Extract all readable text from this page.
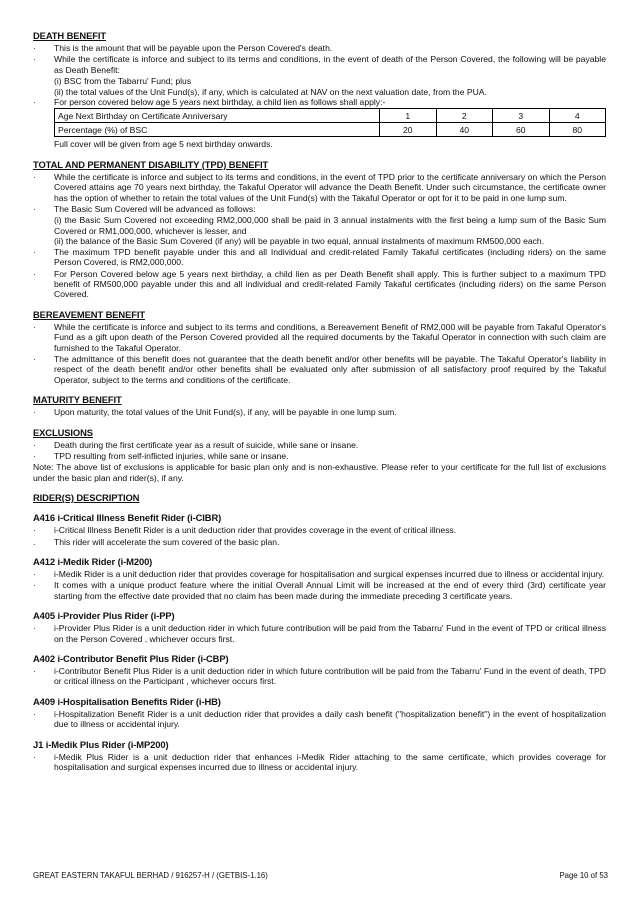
DEATH BENEFIT
· This is the amount that will be payable upon the Person Covered's death.
· While the certificate is inforce and subject to its terms and conditions, in the event of death of the Person Covered, the following will be payable as Death Benefit:
(i) BSC from the Tabarru' Fund; plus
(ii) the total values of the Unit Fund(s), if any, which is calculated at NAV on the next valuation date, from the PUA.
· For person covered below age 5 years next birthday, a child lien as follows shall apply:-
Age Next Birthday on Certificate Anniversary	1	2	3	4
Percentage (%) of BSC	20	40	60	80
Full cover will be given from age 5 next birthday onwards.
TOTAL AND PERMANENT DISABILITY (TPD) BENEFIT
· While the certificate is inforce and subject to its terms and conditions, in the event of TPD prior to the certificate anniversary on which the Person Covered attains age 70 years next birthday, the Takaful Operator will advance the Death Benefit. Under such circumstance, the certificate owner has the option of whether to retain the total values of the Unit Fund(s) with the Takaful Operator or opt for it to be paid in one lump sum.
· The Basic Sum Covered will be advanced as follows:
(i) the Basic Sum Covered not exceeding RM2,000,000 shall be paid in 3 annual instalments with the first being a lump sum of the Basic Sum Covered or RM1,000,000, whichever is lesser, and
(ii) the balance of the Basic Sum Covered (if any) will be payable in two equal, annual instalments of maximum RM500,000 each.
· The maximum TPD benefit payable under this and all Individual and credit-related Family Takaful certificates (including riders) on the same Person Covered, is RM2,000,000.
· For Person Covered below age 5 years next birthday, a child lien as per Death Benefit shall apply. This is further subject to a maximum TPD benefit of RM500,000 payable under this and all individual and credit-related Family Takaful certificates (including riders) on the same Person Covered.
BEREAVEMENT BENEFIT
· While the certificate is inforce and subject to its terms and conditions, a Bereavement Benefit of RM2,000 will be payable from Takaful Operator's Fund as a gift upon death of the Person Covered provided all the required documents by the Takaful Operator in connection with such claim are furnished to the Takaful Operator.
· The admittance of this benefit does not guarantee that the death benefit and/or other benefits will be payable. The Takaful Operator's liability in respect of the death benefit and/or other benefits shall be evaluated only after submission of all satisfactory proof required by the Takaful Operator, subject to the terms and conditions of the certificate.
MATURITY BENEFIT
· Upon maturity, the total values of the Unit Fund(s), if any, will be payable in one lump sum.
EXCLUSIONS
· Death during the first certificate year as a result of suicide, while sane or insane.
· TPD resulting from self-inflicted injuries, while sane or insane.
Note: The above list of exclusions is applicable for basic plan only and is non-exhaustive. Please refer to your certificate for the full list of exclusions under the basic plan and rider(s), if any.
RIDER(S) DESCRIPTION
A416 i-Critical Illness Benefit Rider (i-CIBR)
· i-Critical Illness Benefit Rider is a unit deduction rider that provides coverage in the event of critical illness.
. This rider will accelerate the sum covered of the basic plan.
A412 i-Medik Rider (i-M200)
· i-Medik Rider is a unit deduction rider that provides coverage for hospitalisation and surgical expenses incurred due to illness or accidental injury.
· It comes with a unique product feature where the initial Overall Annual Limit will be increased at the end of every third (3rd) certificate year starting from the effective date provided that no claim has been made during the immediate preceding 3 certificate years.
A405 i-Provider Plus Rider (i-PP)
· i-Provider Plus Rider is a unit deduction rider in which future contribution will be paid from the Tabarru' Fund in the event of TPD or critical illness on the Person Covered , whichever occurs first.
A402 i-Contributor Benefit Plus Rider (i-CBP)
· i-Contributor Benefit Plus Rider is a unit deduction rider in which future contribution will be paid from the Tabarru' Fund in the event of death, TPD or critical illness on the Participant , whichever occurs first.
A409 i-Hospitalisation Benefits Rider (i-HB)
· i-Hospitalization Benefit Rider is a unit deduction rider that provides a daily cash benefit ("hospitalization benefit") in the event of hospitalization due to illness or accidental injury.
J1 i-Medik Plus Rider (i-MP200)
· i-Medik Plus Rider is a unit deduction rider that enhances i-Medik Rider attaching to the same certificate, which provides coverage for hospitalisation and surgical expenses incurred due to illness or accidental injury.
GREAT EASTERN TAKAFUL BERHAD / 916257-H / (GETBIS-1.16)	Page 10 of 53
